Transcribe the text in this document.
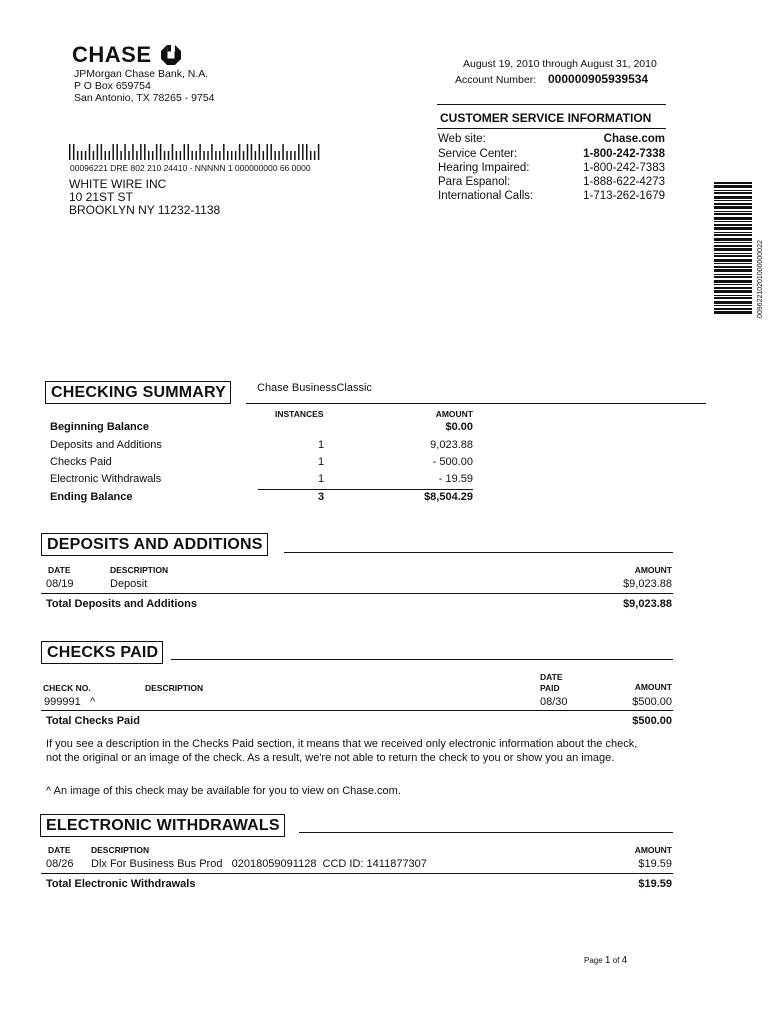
CHASE
JPMorgan Chase Bank, N.A.
P O Box 659754
San Antonio, TX 78265 - 9754
00096221 DRE 802 210 24410 - NNNNN 1 000000000 66 0000
WHITE WIRE INC
10 21ST ST
BROOKLYN NY 11232-1138
August 19, 2010 through August 31, 2010
Account Number: 000000905939534
CUSTOMER SERVICE INFORMATION
Web site:	Chase.com
Service Center:	1-800-242-7338
Hearing Impaired:	1-800-242-7383
Para Espanol:	1-888-622-4273
International Calls:	1-713-262-1679
00962210201000000022
CHECKING SUMMARY	Chase BusinessClassic
INSTANCES	AMOUNT
Beginning Balance	$0.00
Deposits and Additions	1	9,023.88
Checks Paid	1	- 500.00
Electronic Withdrawals	1	- 19.59
Ending Balance	3	$8,504.29
DEPOSITS AND ADDITIONS
DATE	DESCRIPTION	AMOUNT
08/19	Deposit	$9,023.88
Total Deposits and Additions	$9,023.88
CHECKS PAID
CHECK NO.	DESCRIPTION
DATE
PAID	AMOUNT
999991 ^	08/30	$500.00
Total Checks Paid	$500.00
If you see a description in the Checks Paid section, it means that we received only electronic information about the check,
not the original or an image of the check. As a result, we're not able to return the check to you or show you an image.
^ An image of this check may be available for you to view on Chase.com.
ELECTRONIC WITHDRAWALS
DATE DESCRIPTION	AMOUNT
08/26 Dlx For Business Bus Prod   02018059091128  CCD ID: 1411877307	$19.59
Total Electronic Withdrawals	$19.59
Page 1 of 4
